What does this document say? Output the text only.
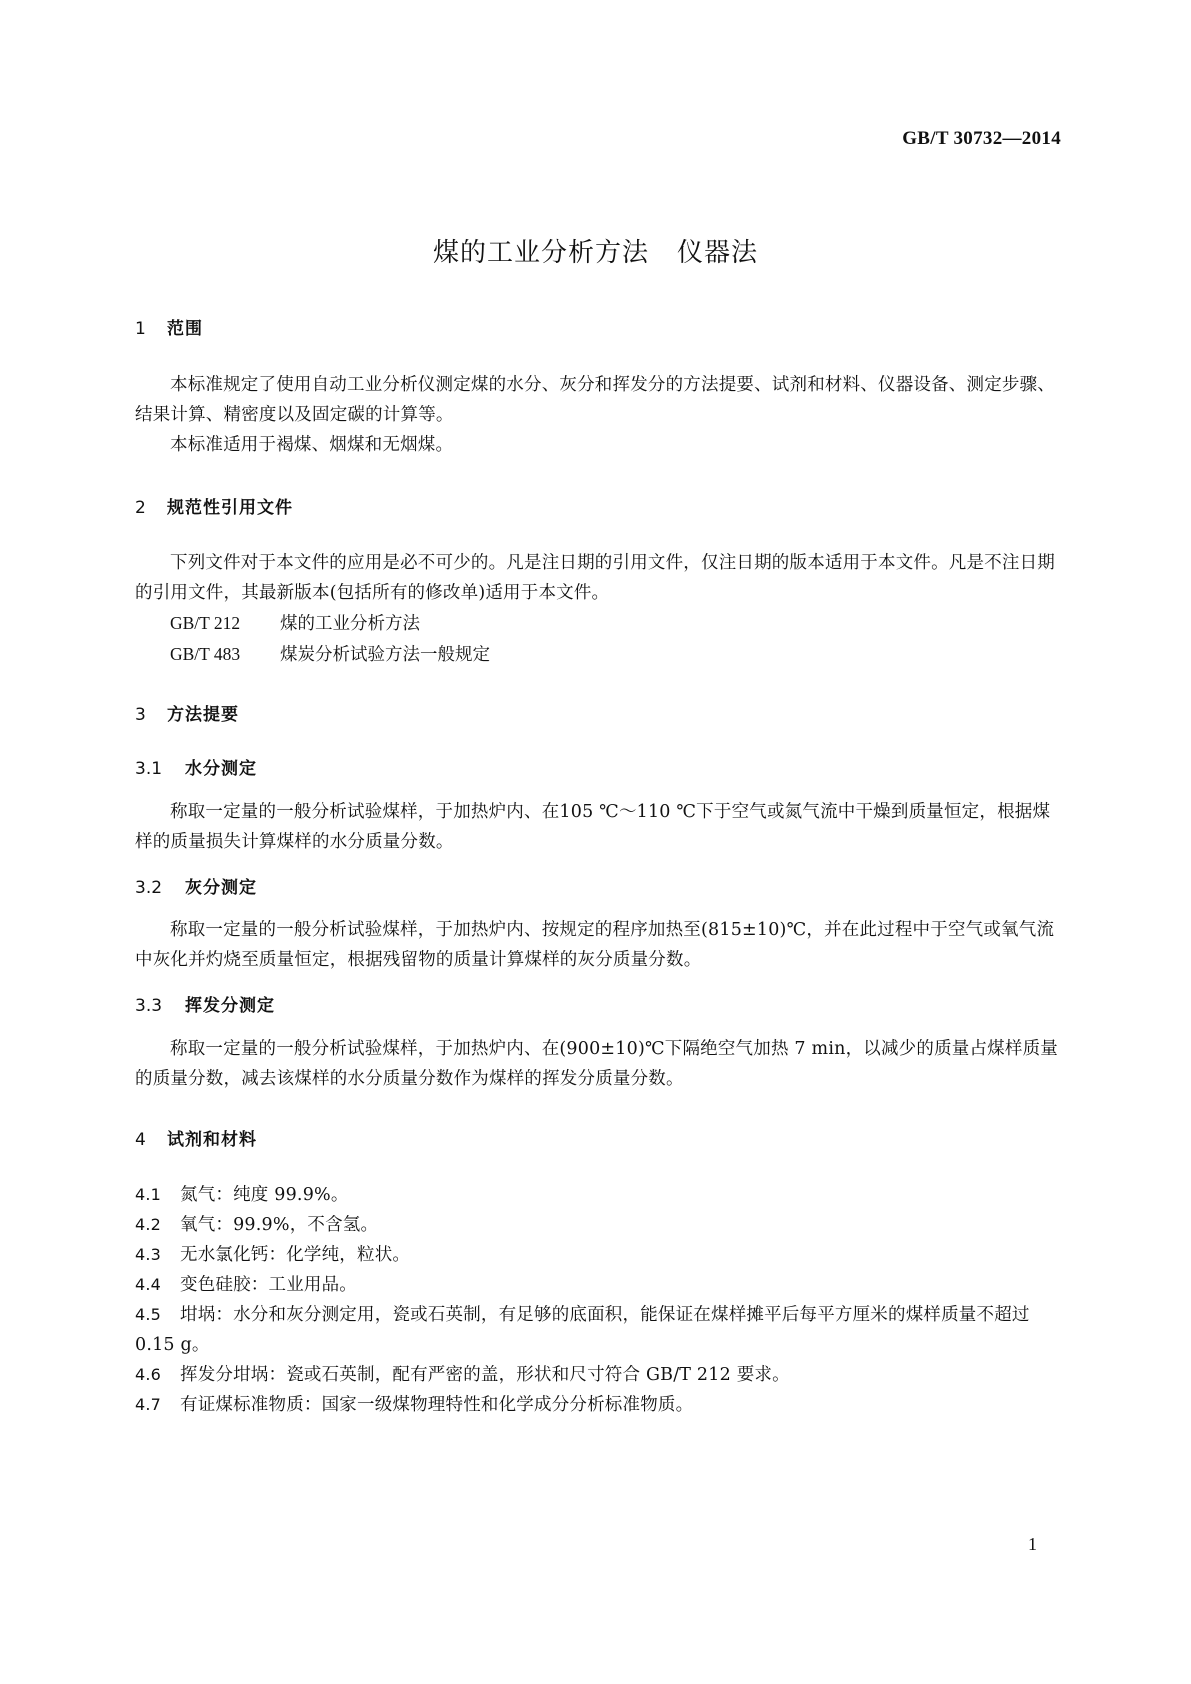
GB/T 30732—2014
煤的工业分析方法 仪器法
1 范围

本标准规定了使用自动工业分析仪测定煤的水分、灰分和挥发分的方法提要、试剂和材料、仪器设备、测定步骤、结果计算、精密度以及固定碳的计算等。

本标准适用于褐煤、烟煤和无烟煤。

2 规范性引用文件

下列文件对于本文件的应用是必不可少的。凡是注日期的引用文件，仅注日期的版本适用于本文件。凡是不注日期的引用文件，其最新版本(包括所有的修改单)适用于本文件。

GB/T 212 煤的工业分析方法
GB/T 483 煤炭分析试验方法一般规定
3 方法提要
3.1 水分测定

称取一定量的一般分析试验煤样，于加热炉内、在105 ℃～110 ℃下于空气或氮气流中干燥到质量恒定，根据煤样的质量损失计算煤样的水分质量分数。

3.2 灰分测定

称取一定量的一般分析试验煤样，于加热炉内、按规定的程序加热至(815±10)℃，并在此过程中于空气或氧气流中灰化并灼烧至质量恒定，根据残留物的质量计算煤样的灰分质量分数。

3.3 挥发分测定

称取一定量的一般分析试验煤样，于加热炉内、在(900±10)℃下隔绝空气加热 7 min，以减少的质量占煤样质量的质量分数，减去该煤样的水分质量分数作为煤样的挥发分质量分数。

4 试剂和材料

4.1 氮气：纯度 99.9%。

4.2 氧气：99.9%，不含氢。

4.3 无水氯化钙：化学纯，粒状。

4.4 变色硅胶：工业用品。

4.5 坩埚：水分和灰分测定用，瓷或石英制，有足够的底面积，能保证在煤样摊平后每平方厘米的煤样质量不超过 0.15 g。

4.6 挥发分坩埚：瓷或石英制，配有严密的盖，形状和尺寸符合 GB/T 212 要求。

4.7 有证煤标准物质：国家一级煤物理特性和化学成分分析标准物质。

1
